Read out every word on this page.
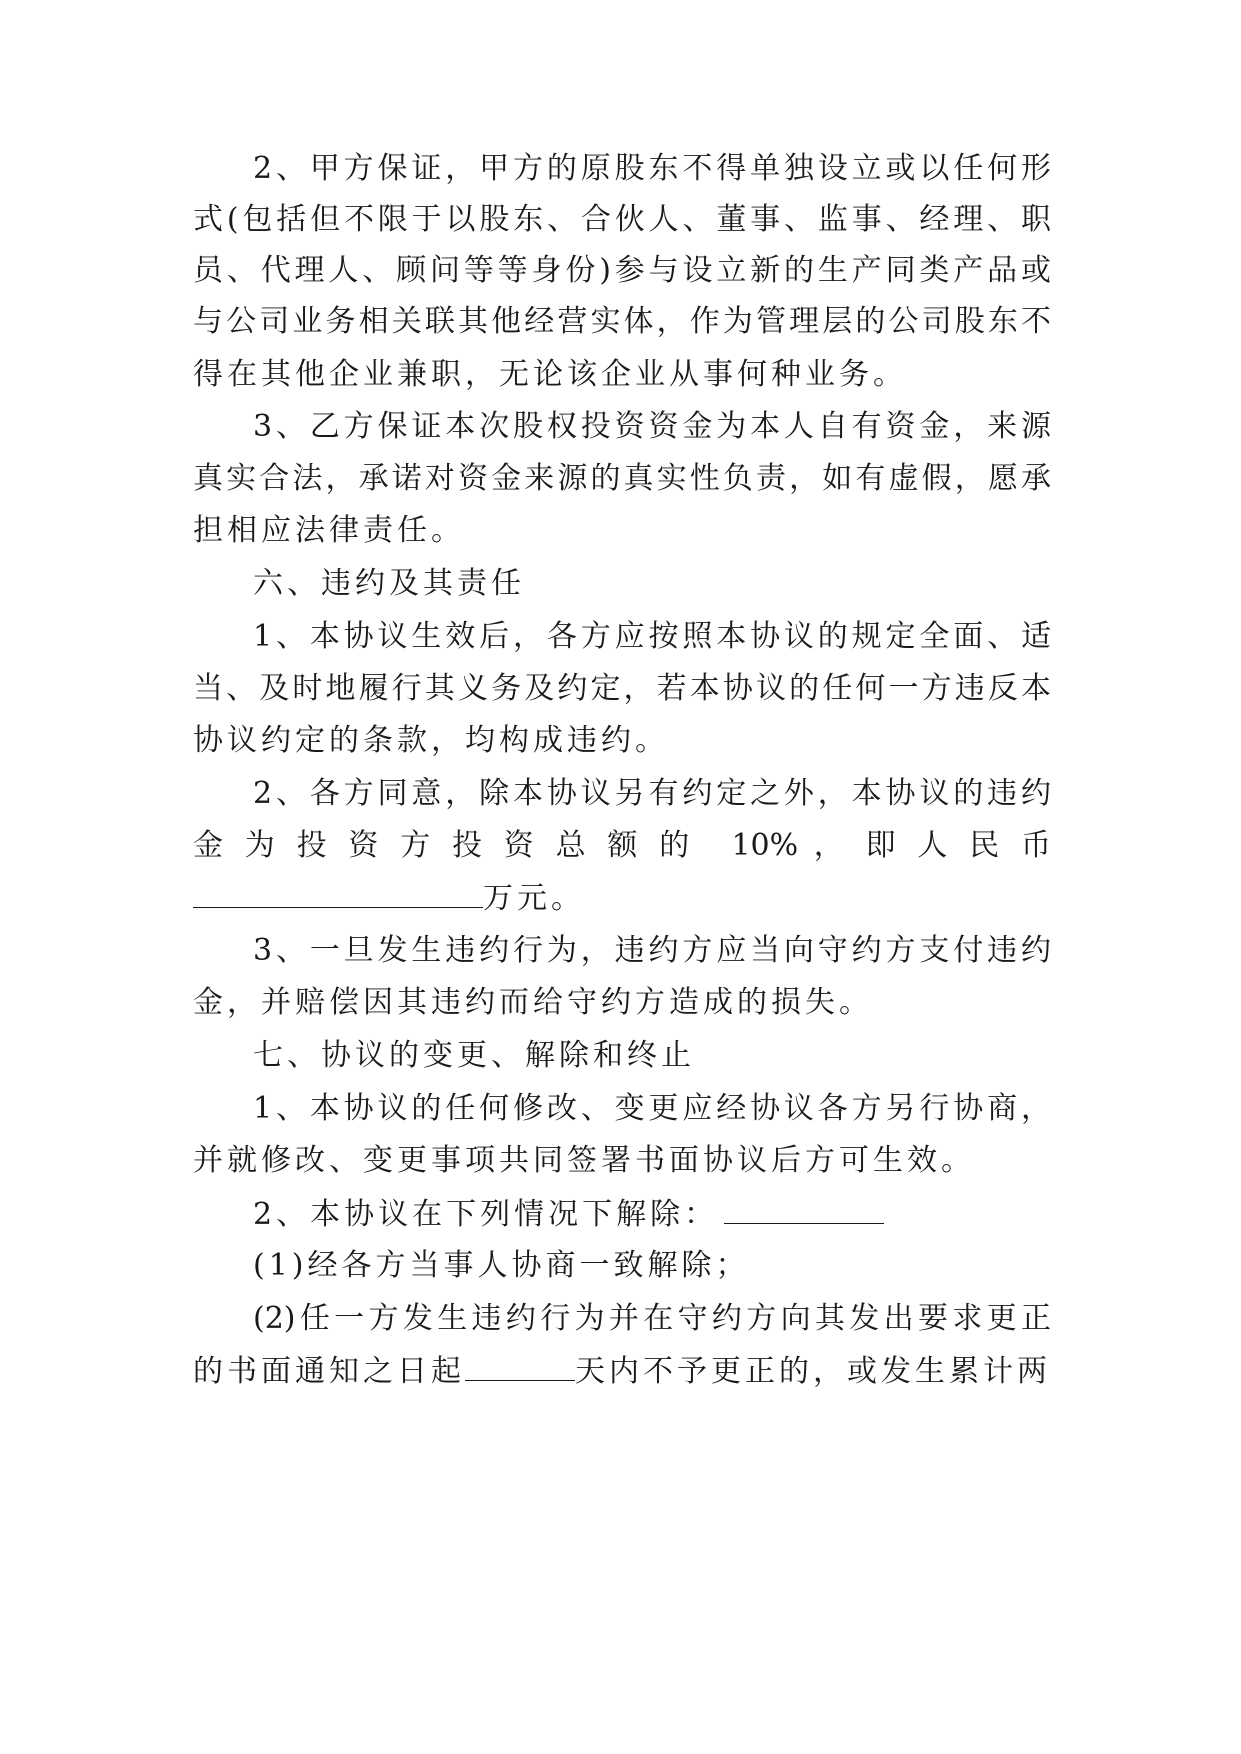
2、甲方保证，甲方的原股东不得单独设立或以任何形
式(包括但不限于以股东、合伙人、董事、监事、经理、职
员、代理人、顾问等等身份)参与设立新的生产同类产品或
与公司业务相关联其他经营实体，作为管理层的公司股东不
得在其他企业兼职，无论该企业从事何种业务。
3、乙方保证本次股权投资资金为本人自有资金，来源
真实合法，承诺对资金来源的真实性负责，如有虚假，愿承
担相应法律责任。
六、违约及其责任
1、本协议生效后，各方应按照本协议的规定全面、适
当、及时地履行其义务及约定，若本协议的任何一方违反本
协议约定的条款，均构成违约。
2、各方同意，除本协议另有约定之外，本协议的违约
金 为 投 资 方 投 资 总 额 的　10% ， 即 人 民 币
万元。
3、一旦发生违约行为，违约方应当向守约方支付违约
金，并赔偿因其违约而给守约方造成的损失。
七、协议的变更、解除和终止
1、本协议的任何修改、变更应经协议各方另行协商，
并就修改、变更事项共同签署书面协议后方可生效。
2、本协议在下列情况下解除：
(1)经各方当事人协商一致解除；
(2)任一方发生违约行为并在守约方向其发出要求更正
的书面通知之日起	天内不予更正的，或发生累计两
